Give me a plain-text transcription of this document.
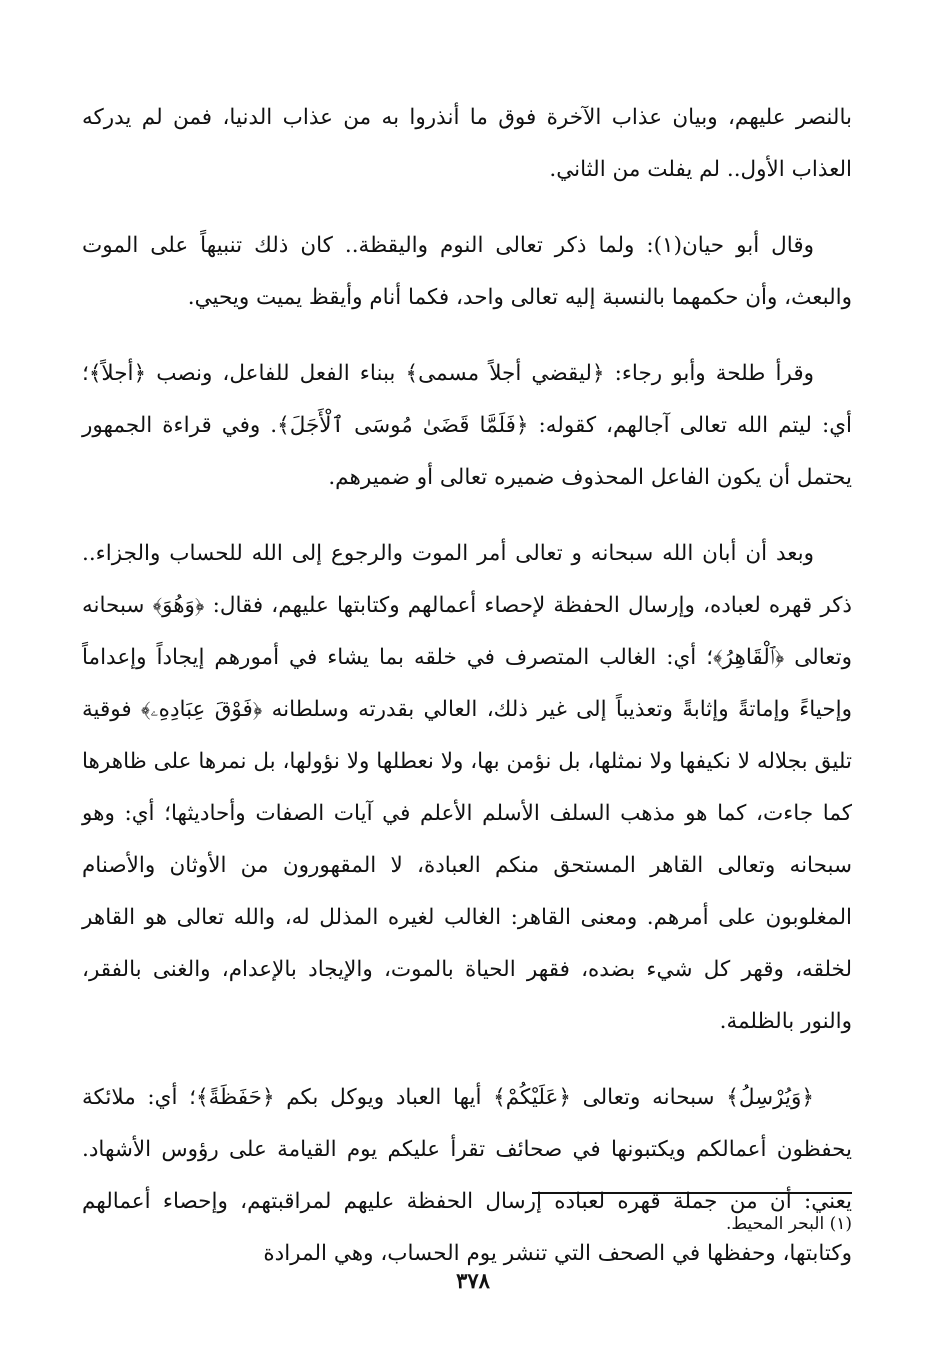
بالنصر عليهم، وبيان عذاب الآخرة فوق ما أنذروا به من عذاب الدنيا، فمن لم يدركه العذاب الأول.. لم يفلت من الثاني.

وقال أبو حيان(١): ولما ذكر تعالى النوم واليقظة.. كان ذلك تنبيهاً على الموت والبعث، وأن حكمهما بالنسبة إليه تعالى واحد، فكما أنام وأيقظ يميت ويحيي.

وقرأ طلحة وأبو رجاء: ﴿ليقضي أجلاً مسمى﴾ ببناء الفعل للفاعل، ونصب ﴿أجلاً﴾؛ أي: ليتم الله تعالى آجالهم، كقوله: ﴿فَلَمَّا قَضَىٰ مُوسَى ٱلْأَجَلَ﴾. وفي قراءة الجمهور يحتمل أن يكون الفاعل المحذوف ضميره تعالى أو ضميرهم.

وبعد أن أبان الله سبحانه و تعالى أمر الموت والرجوع إلى الله للحساب والجزاء.. ذكر قهره لعباده، وإرسال الحفظة لإحصاء أعمالهم وكتابتها عليهم، فقال: ﴿وَهُوَ﴾ سبحانه وتعالى ﴿ٱلْقَاهِرُ﴾؛ أي: الغالب المتصرف في خلقه بما يشاء في أمورهم إيجاداً وإعداماً وإحياءً وإماتةً وإثابةً وتعذيباً إلى غير ذلك، العالي بقدرته وسلطانه ﴿فَوْقَ عِبَادِهِۦ﴾ فوقية تليق بجلاله لا نكيفها ولا نمثلها، بل نؤمن بها، ولا نعطلها ولا نؤولها، بل نمرها على ظاهرها كما جاءت، كما هو مذهب السلف الأسلم الأعلم في آيات الصفات وأحاديثها؛ أي: وهو سبحانه وتعالى القاهر المستحق منكم العبادة، لا المقهورون من الأوثان والأصنام المغلوبون على أمرهم. ومعنى القاهر: الغالب لغيره المذلل له، والله تعالى هو القاهر لخلقه، وقهر كل شيء بضده، فقهر الحياة بالموت، والإيجاد بالإعدام، والغنى بالفقر، والنور بالظلمة.

﴿وَيُرْسِلُ﴾ سبحانه وتعالى ﴿عَلَيْكُمْ﴾ أيها العباد ويوكل بكم ﴿حَفَظَةً﴾؛ أي: ملائكة يحفظون أعمالكم ويكتبونها في صحائف تقرأ عليكم يوم القيامة على رؤوس الأشهاد. يعني: أن من جملة قهره لعباده إرسال الحفظة عليهم لمراقبتهم، وإحصاء أعمالهم وكتابتها، وحفظها في الصحف التي تنشر يوم الحساب، وهي المرادة

(١) البحر المحيط.
٣٧٨
